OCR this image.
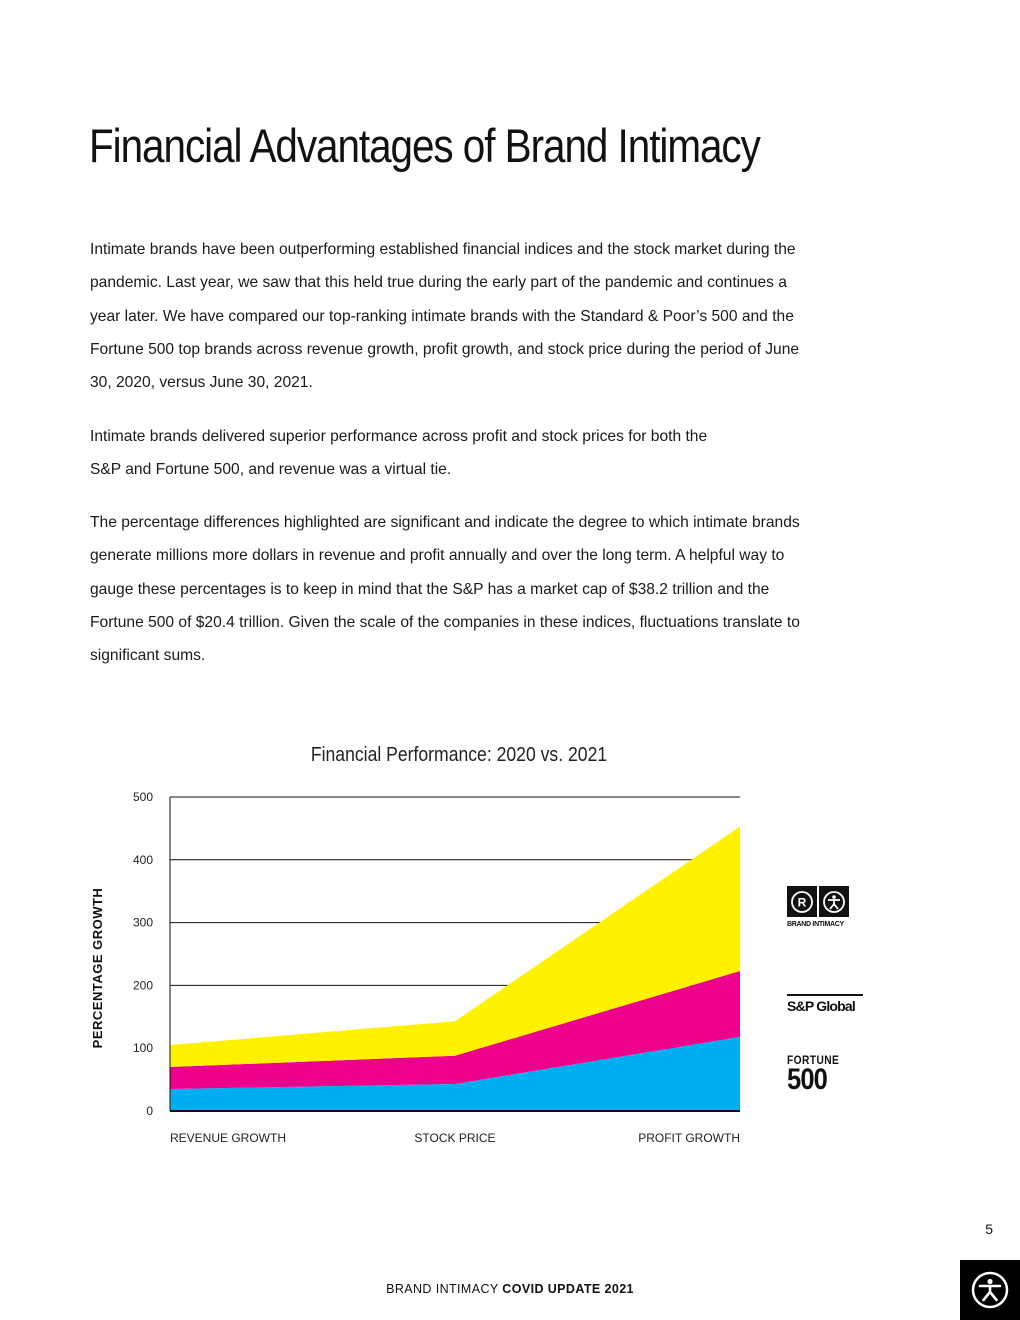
Financial Advantages of Brand Intimacy

Intimate brands have been outperforming established financial indices and the stock market during the pandemic. Last year, we saw that this held true during the early part of the pandemic and continues a year later. We have compared our top-ranking intimate brands with the Standard & Poor’s 500 and the Fortune 500 top brands across revenue growth, profit growth, and stock price during the period of June 30, 2020, versus June 30, 2021.

Intimate brands delivered superior performance across profit and stock prices for both the S&P and Fortune 500, and revenue was a virtual tie.

The percentage differences highlighted are significant and indicate the degree to which intimate brands generate millions more dollars in revenue and profit annually and over the long term. A helpful way to gauge these percentages is to keep in mind that the S&P has a market cap of $38.2 trillion and the Fortune 500 of $20.4 trillion. Given the scale of the companies in these indices, fluctuations translate to significant sums.

Financial Performance: 2020 vs. 2021
0
100
200
300
400
500
REVENUE GROWTH	STOCK PRICE	PROFIT GROWTH
PERCENTAGE GROWTH	R
BRAND INTIMACY
S&P Global
FORTUNE
500
5
BRAND INTIMACY COVID UPDATE 2021
